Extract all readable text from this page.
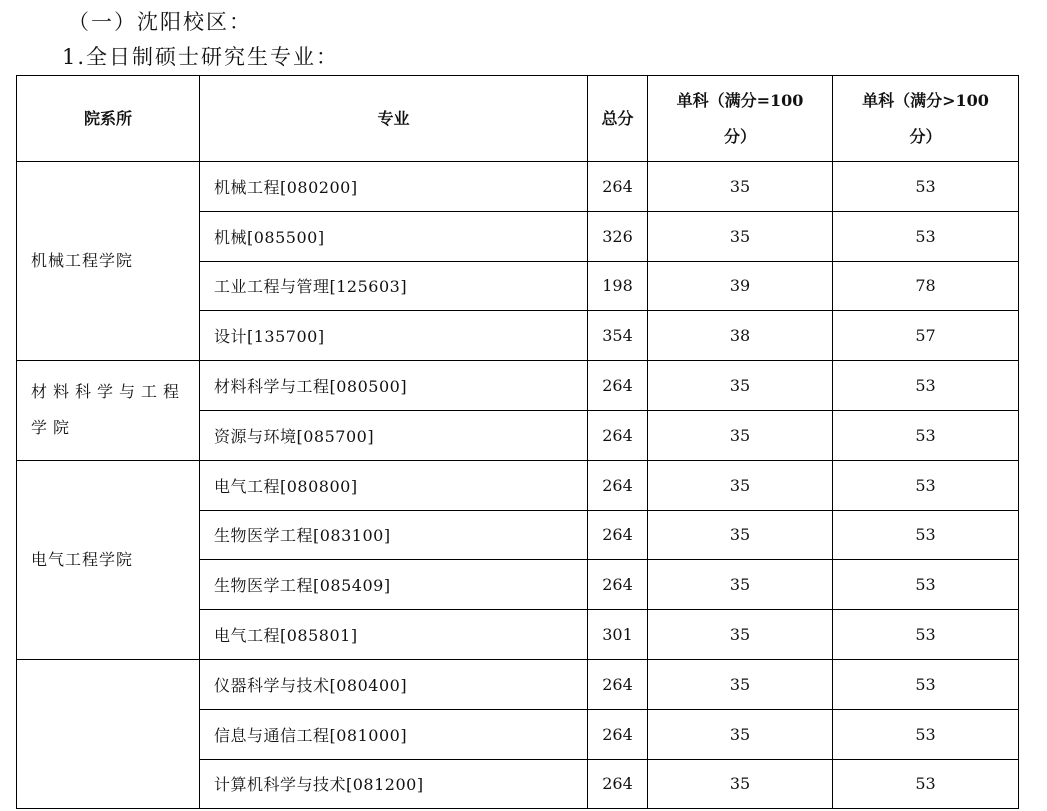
（一）沈阳校区：
1.全日制硕士研究生专业：
院系所	专业	总分	单科（满分=100分）	单科（满分>100分）
机械工程学院	机械工程[080200]	264	35	53
	机械[085500]	326	35	53
	工业工程与管理[125603]	198	39	78
	设计[135700]	354	38	57
材料科学与工程学院	材料科学与工程[080500]	264	35	53
	资源与环境[085700]	264	35	53
电气工程学院	电气工程[080800]	264	35	53
	生物医学工程[083100]	264	35	53
	生物医学工程[085409]	264	35	53
	电气工程[085801]	301	35	53
	仪器科学与技术[080400]	264	35	53
	信息与通信工程[081000]	264	35	53
	计算机科学与技术[081200]	264	35	53
